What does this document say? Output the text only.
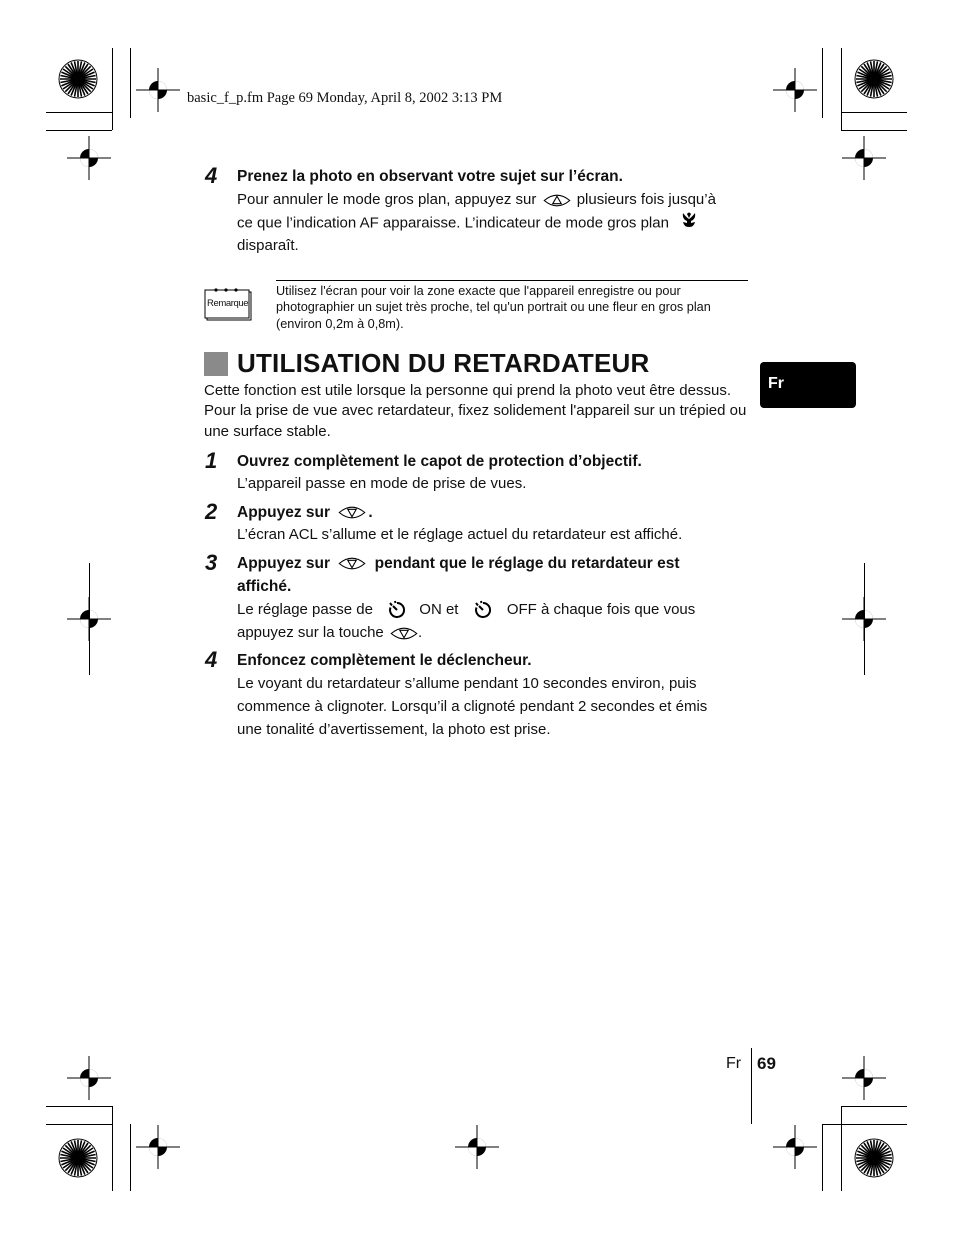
basic_f_p.fm Page 69 Monday, April 8, 2002 3:13 PM
4 Prenez la photo en observant votre sujet sur l’écran.
Pour annuler le mode gros plan, appuyez sur	plusieurs fois jusqu’à
ce que l’indication AF apparaisse. L’indicateur de mode gros plan
disparaît.
Remarque
Utilisez l'écran pour voir la zone exacte que l'appareil enregistre ou pour photographier un sujet très proche, tel qu'un portrait ou une fleur en gros plan (environ 0,2m à 0,8m).
UTILISATION DU RETARDATEUR
Fr
Cette fonction est utile lorsque la personne qui prend la photo veut être dessus. Pour la prise de vue avec retardateur, fixez solidement l'appareil sur un trépied ou une surface stable.
1 Ouvrez complètement le capot de protection d’objectif.
L’appareil passe en mode de prise de vues.
2 Appuyez sur .
L’écran ACL s’allume et le réglage actuel du retardateur est affiché.
3 Appuyez sur	pendant que le réglage du retardateur est
affiché.
Le réglage passe de	ON et	OFF à chaque fois que vous
appuyez sur la touche .
4 Enfoncez complètement le déclencheur.
Le voyant du retardateur s’allume pendant 10 secondes environ, puis
commence à clignoter. Lorsqu’il a clignoté pendant 2 secondes et émis
une tonalité d’avertissement, la photo est prise.
Fr 69
